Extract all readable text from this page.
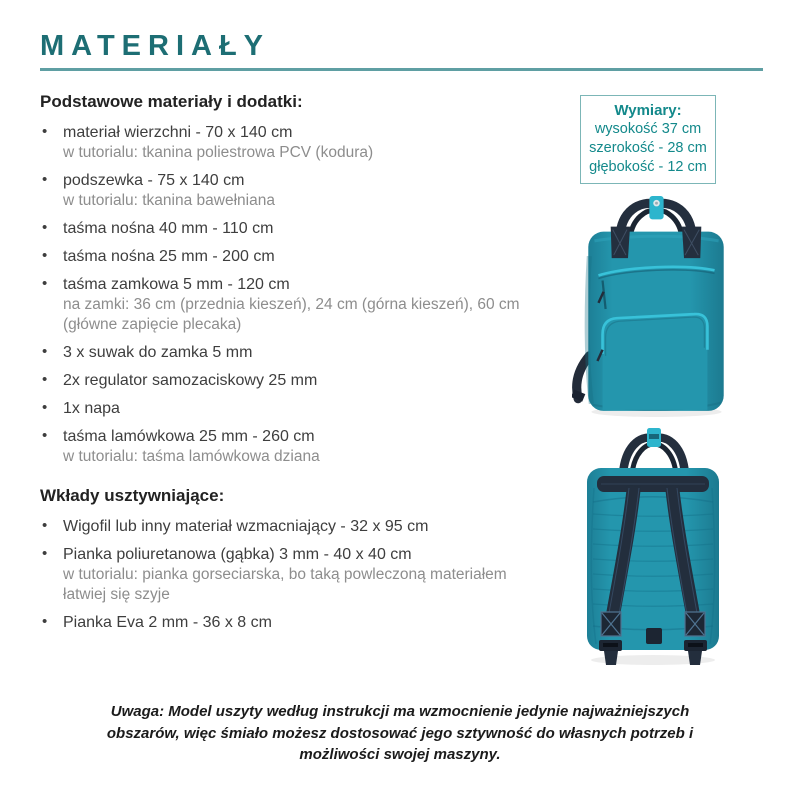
MATERIAŁY
Podstawowe materiały i dodatki:
• materiał wierzchni - 70 x 140 cm
w tutorialu: tkanina poliestrowa PCV (kodura)
• podszewka - 75 x 140 cm
w tutorialu: tkanina bawełniana
• taśma nośna 40 mm - 110 cm
• taśma nośna 25 mm - 200 cm
• taśma zamkowa 5 mm - 120 cm
na zamki: 36 cm (przednia kieszeń), 24 cm (górna kieszeń), 60 cm
(główne zapięcie plecaka)
• 3 x suwak do zamka 5 mm
• 2x regulator samozaciskowy 25 mm
• 1x napa
• taśma lamówkowa 25 mm - 260 cm
w tutorialu: taśma lamówkowa dziana
Wkłady usztywniające:
• Wigofil lub inny materiał wzmacniający - 32 x 95 cm
• Pianka poliuretanowa (gąbka) 3 mm - 40 x 40 cm
w tutorialu: pianka gorseciarska, bo taką powleczoną materiałem
łatwiej się szyje
• Pianka Eva 2 mm - 36 x 8 cm
Wymiary:
wysokość 37 cm
szerokość - 28 cm
głębokość - 12 cm
Uwaga: Model uszyty według instrukcji ma wzmocnienie jedynie najważniejszych
obszarów, więc śmiało możesz dostosować jego sztywność do własnych potrzeb i
możliwości swojej maszyny.
